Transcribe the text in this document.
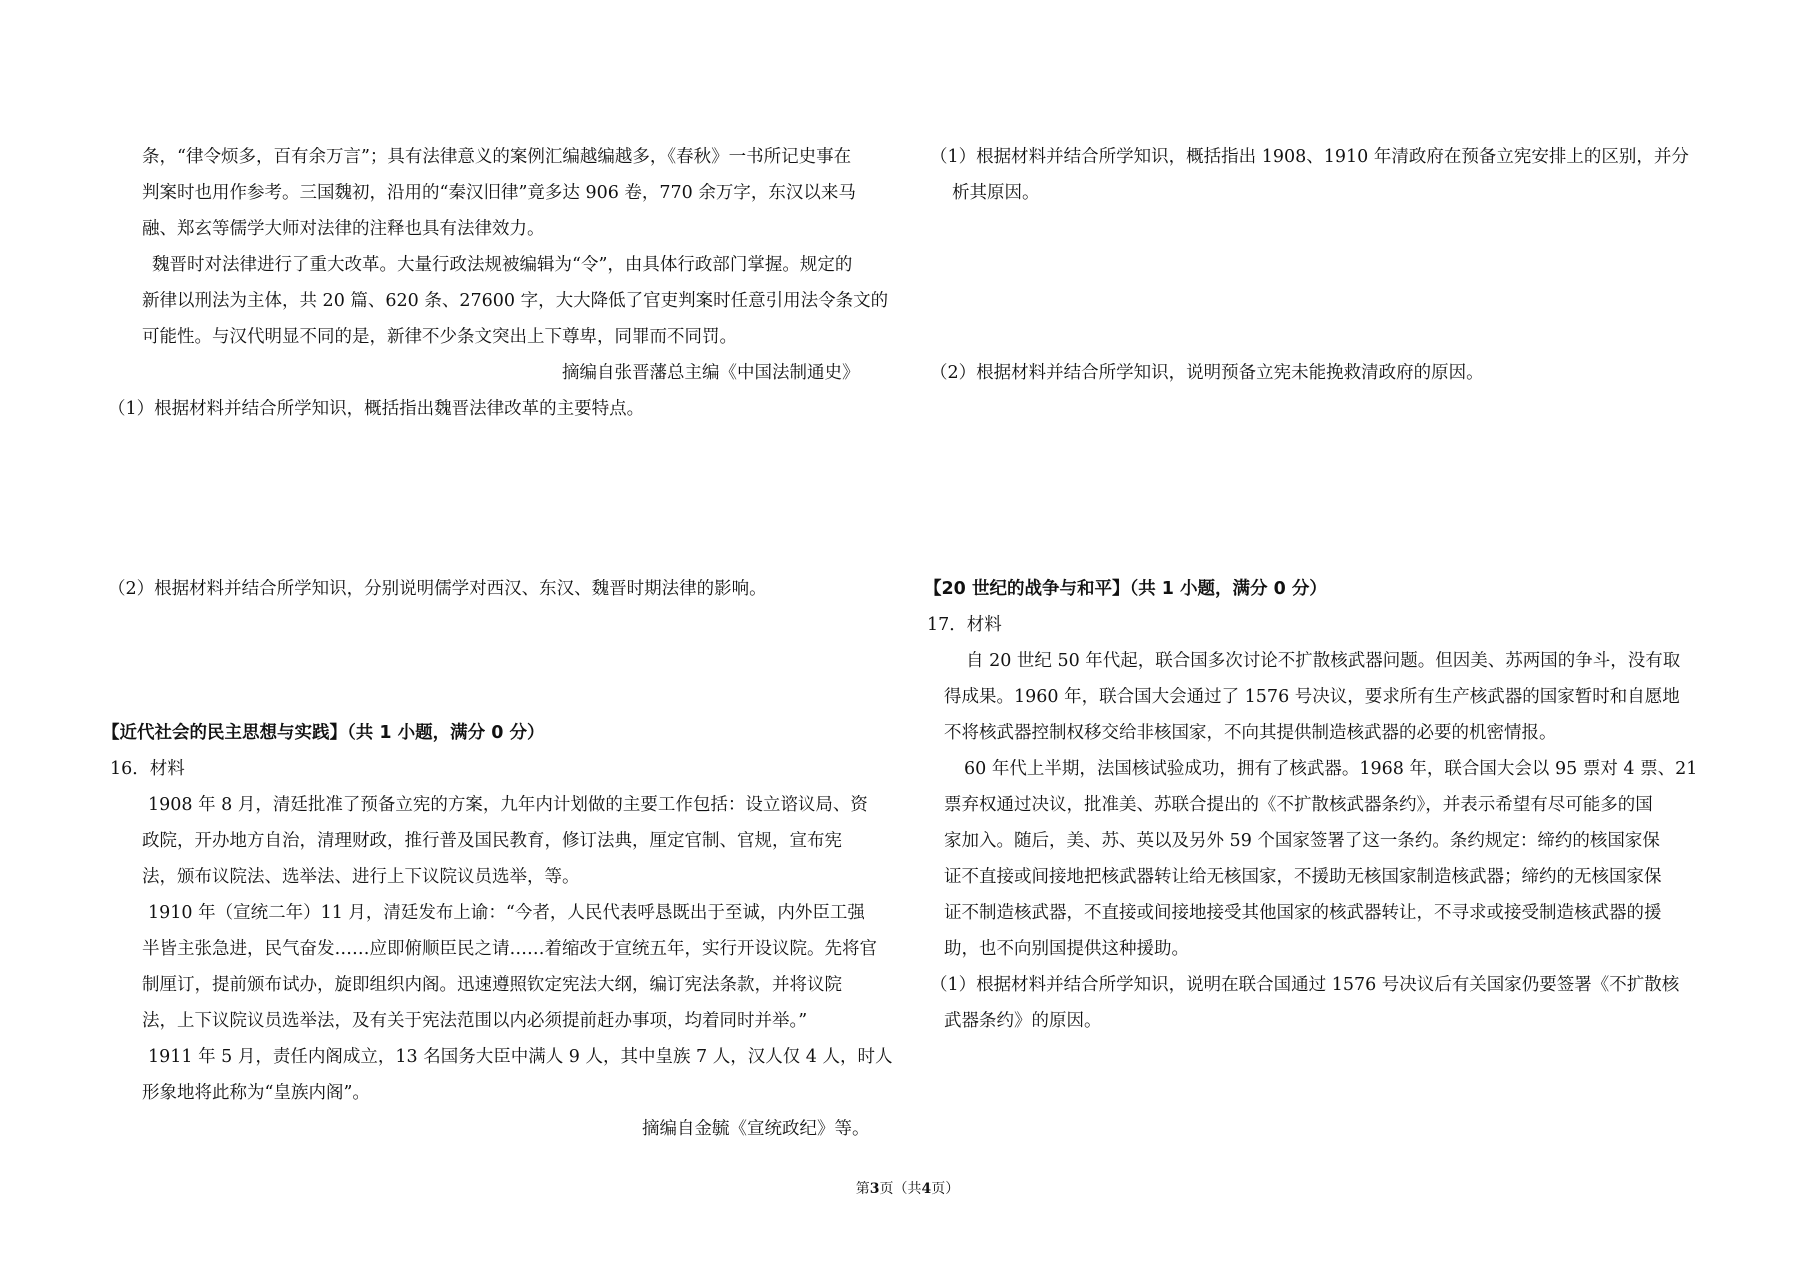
条，“律令烦多，百有余万言”；具有法律意义的案例汇编越编越多，《春秋》一书所记史事在
判案时也用作参考。三国魏初，沿用的“秦汉旧律”竟多达 906 卷，770 余万字，东汉以来马
融、郑玄等儒学大师对法律的注释也具有法律效力。
魏晋时对法律进行了重大改革。大量行政法规被编辑为“令”，由具体行政部门掌握。规定的
新律以刑法为主体，共 20 篇、620 条、27600 字，大大降低了官吏判案时任意引用法令条文的
可能性。与汉代明显不同的是，新律不少条文突出上下尊卑，同罪而不同罚。
摘编自张晋藩总主编《中国法制通史》
（1）根据材料并结合所学知识，概括指出魏晋法律改革的主要特点。
（2）根据材料并结合所学知识，分别说明儒学对西汉、东汉、魏晋时期法律的影响。
【近代社会的民主思想与实践】（共 1 小题，满分 0 分）
16．材料
1908 年 8 月，清廷批准了预备立宪的方案，九年内计划做的主要工作包括：设立谘议局、资
政院，开办地方自治，清理财政，推行普及国民教育，修订法典，厘定官制、官规，宣布宪
法，颁布议院法、选举法、进行上下议院议员选举，等。
1910 年（宣统二年）11 月，清廷发布上谕：“今者，人民代表呼恳既出于至诚，内外臣工强
半皆主张急进，民气奋发……应即俯顺臣民之请……着缩改于宣统五年，实行开设议院。先将官
制厘订，提前颁布试办，旋即组织内阁。迅速遵照钦定宪法大纲，编订宪法条款，并将议院
法，上下议院议员选举法，及有关于宪法范围以内必须提前赶办事项，均着同时并举。”
1911 年 5 月，责任内阁成立，13 名国务大臣中满人 9 人，其中皇族 7 人，汉人仅 4 人，时人
形象地将此称为“皇族内阁”。
摘编自金毓《宣统政纪》等。
（1）根据材料并结合所学知识，概括指出 1908、1910 年清政府在预备立宪安排上的区别，并分
析其原因。
（2）根据材料并结合所学知识，说明预备立宪未能挽救清政府的原因。
【20 世纪的战争与和平】（共 1 小题，满分 0 分）
17．材料
自 20 世纪 50 年代起，联合国多次讨论不扩散核武器问题。但因美、苏两国的争斗，没有取
得成果。1960 年，联合国大会通过了 1576 号决议，要求所有生产核武器的国家暂时和自愿地
不将核武器控制权移交给非核国家，不向其提供制造核武器的必要的机密情报。
60 年代上半期，法国核试验成功，拥有了核武器。1968 年，联合国大会以 95 票对 4 票、21
票弃权通过决议，批准美、苏联合提出的《不扩散核武器条约》，并表示希望有尽可能多的国
家加入。随后，美、苏、英以及另外 59 个国家签署了这一条约。条约规定：缔约的核国家保
证不直接或间接地把核武器转让给无核国家，不援助无核国家制造核武器；缔约的无核国家保
证不制造核武器，不直接或间接地接受其他国家的核武器转让，不寻求或接受制造核武器的援
助，也不向别国提供这种援助。
（1）根据材料并结合所学知识，说明在联合国通过 1576 号决议后有关国家仍要签署《不扩散核
武器条约》的原因。
第3页（共4页）
